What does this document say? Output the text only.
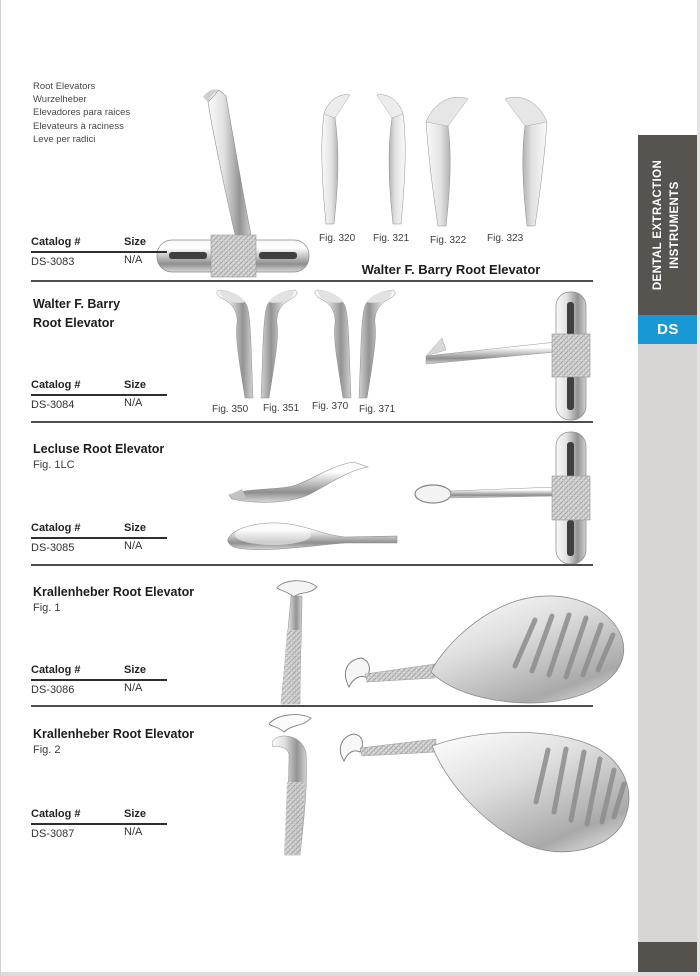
Root Elevators
Wurzelheber
Elevadores para raices
Elevateurs à raciness
Leve per radici
Fig. 320 Fig. 321 Fig. 322 Fig. 323
Catalog #	Size
DS-3083	N/A
Walter F. Barry Root Elevator
Walter F. Barry
Root Elevator
Fig. 350 Fig. 351 Fig. 370 Fig. 371
Catalog #	Size
DS-3084	N/A
Lecluse Root Elevator
Fig. 1LC
Catalog #	Size
DS-3085	N/A
Krallenheber Root Elevator
Fig. 1
Catalog #	Size
DS-3086	N/A
Krallenheber Root Elevator
Fig. 2
Catalog #	Size
DS-3087	N/A
DENTAL EXTRACTION INSTRUMENTS
DS
